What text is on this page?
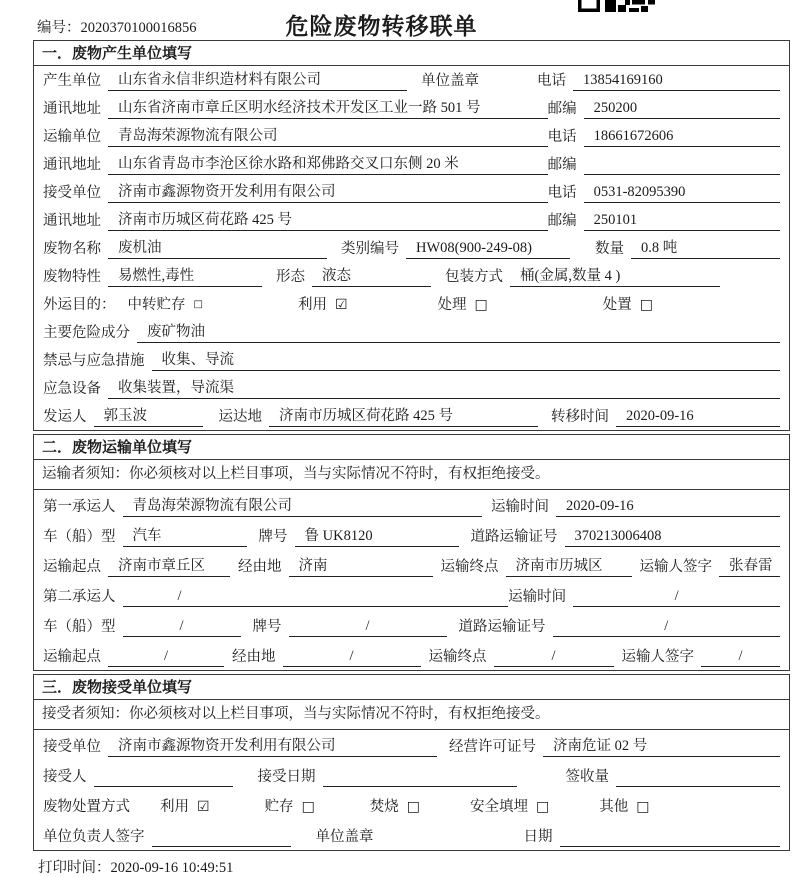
编号：2020370100016856	危险废物转移联单
一．废物产生单位填写
产生单位	山东省永信非织造材料有限公司	单位盖章	电话	13854169160
通讯地址	山东省济南市章丘区明水经济技术开发区工业一路 501 号	邮编	250200
运输单位	青岛海荣源物流有限公司	电话	18661672606
通讯地址	山东省青岛市李沧区徐水路和郑佛路交叉口东侧 20 米	邮编
接受单位	济南市鑫源物资开发利用有限公司	电话	0531-82095390
通讯地址	济南市历城区荷花路 425 号	邮编	250101
废物名称	废机油	类别编号	HW08(900-249-08)	数量	0.8 吨
废物特性	易燃性,毒性	形态	液态	包装方式	桶(金属,数量 4 )
外运目的： 中转贮存 □	利用 ☑	处理 □	处置 □
主要危险成分	废矿物油
禁忌与应急措施	收集、导流
应急设备	收集装置，导流渠
发运人	郭玉波	运达地	济南市历城区荷花路 425 号	转移时间	2020-09-16
二．废物运输单位填写
运输者须知：你必须核对以上栏目事项，当与实际情况不符时，有权拒绝接受。
第一承运人	青岛海荣源物流有限公司	运输时间	2020-09-16
车（船）型	汽车	牌号	鲁 UK8120	道路运输证号	370213006408
运输起点	济南市章丘区	经由地	济南	运输终点	济南市历城区	运输人签字	张春雷
第二承运人	/	运输时间	/
车（船）型	/	牌号	/	道路运输证号	/
运输起点	/	经由地	/	运输终点	/	运输人签字	/
三．废物接受单位填写
接受者须知：你必须核对以上栏目事项，当与实际情况不符时，有权拒绝接受。
接受单位	济南市鑫源物资开发利用有限公司	经营许可证号	济南危证 02 号
接受人	接受日期	签收量
废物处置方式 利用 ☑	贮存 □	焚烧 □	安全填埋 □	其他 □
单位负责人签字	单位盖章	日期
打印时间：2020-09-16 10:49:51
